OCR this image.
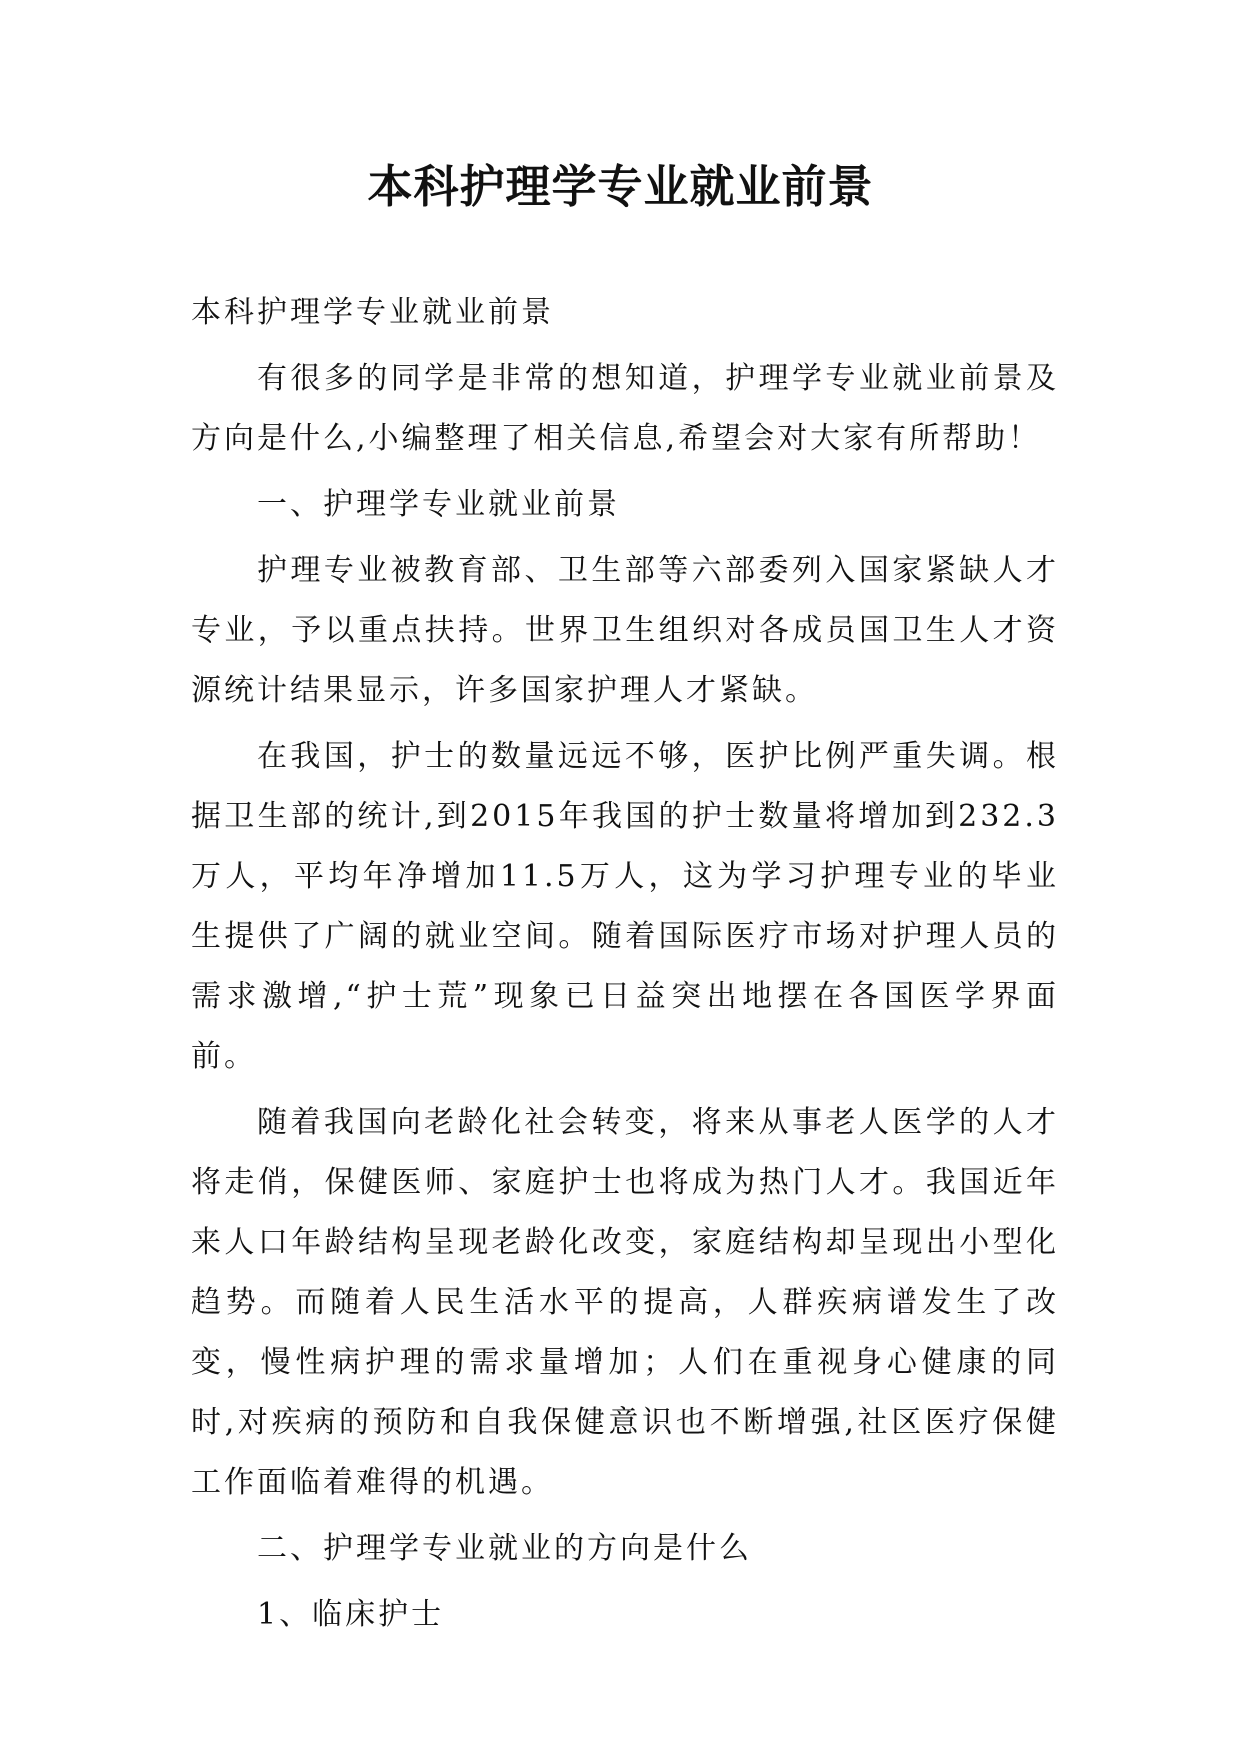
本科护理学专业就业前景

本科护理学专业就业前景

有很多的同学是非常的想知道，护理学专业就业前景及方向是什么,小编整理了相关信息,希望会对大家有所帮助！

一、护理学专业就业前景

护理专业被教育部、卫生部等六部委列入国家紧缺人才专业，予以重点扶持。世界卫生组织对各成员国卫生人才资源统计结果显示，许多国家护理人才紧缺。

在我国，护士的数量远远不够，医护比例严重失调。根据卫生部的统计,到2015年我国的护士数量将增加到232.3万人，平均年净增加11.5万人，这为学习护理专业的毕业生提供了广阔的就业空间。随着国际医疗市场对护理人员的需求激增,“护士荒”现象已日益突出地摆在各国医学界面前。

随着我国向老龄化社会转变，将来从事老人医学的人才将走俏，保健医师、家庭护士也将成为热门人才。我国近年来人口年龄结构呈现老龄化改变，家庭结构却呈现出小型化趋势。而随着人民生活水平的提高，人群疾病谱发生了改变，慢性病护理的需求量增加；人们在重视身心健康的同时,对疾病的预防和自我保健意识也不断增强,社区医疗保健工作面临着难得的机遇。

二、护理学专业就业的方向是什么

1、临床护士
